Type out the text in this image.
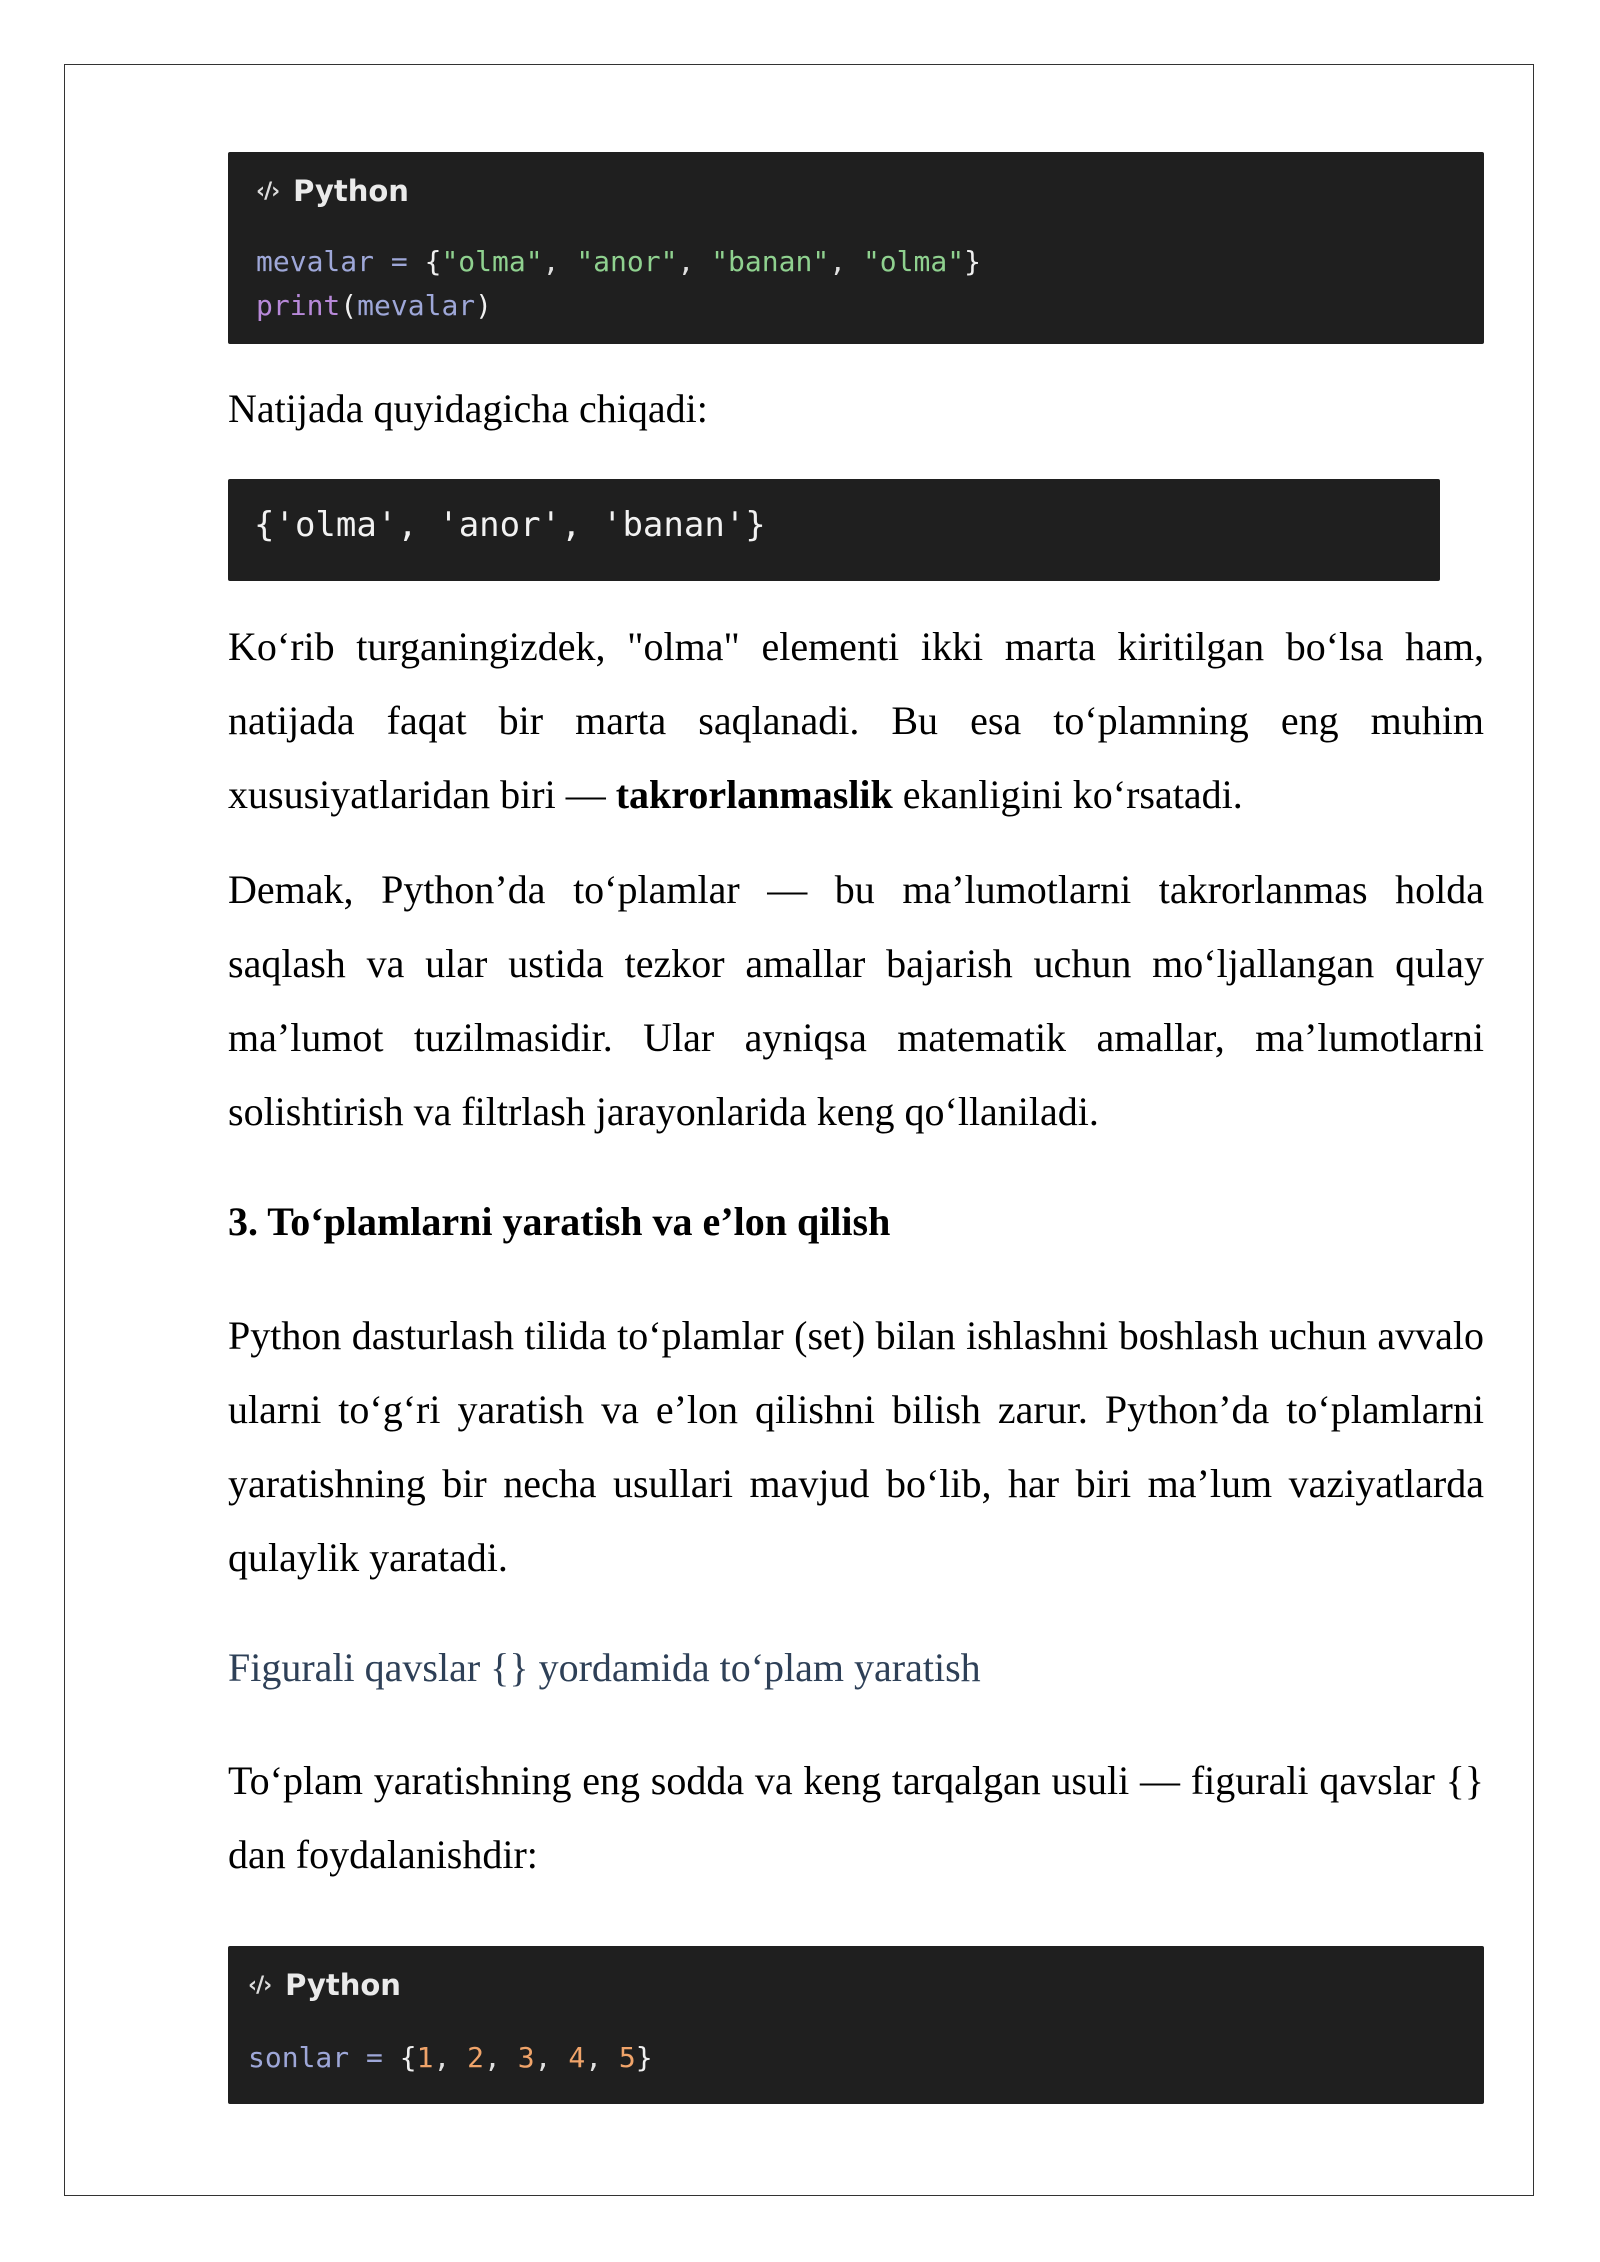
‹/› Python
mevalar = {"olma", "anor", "banan", "olma"}
print(mevalar)

Natijada quyidagicha chiqadi:

{'olma', 'anor', 'banan'}

Ko‘rib turganingizdek, "olma" elementi ikki marta kiritilgan bo‘lsa ham, natijada faqat bir marta saqlanadi. Bu esa to‘plamning eng muhim xususiyatlaridan biri — takrorlanmaslik ekanligini ko‘rsatadi.

Demak, Python’da to‘plamlar — bu ma’lumotlarni takrorlanmas holda saqlash va ular ustida tezkor amallar bajarish uchun mo‘ljallangan qulay ma’lumot tuzilmasidir. Ular ayniqsa matematik amallar, ma’lumotlarni solishtirish va filtrlash jarayonlarida keng qo‘llaniladi.

3. To‘plamlarni yaratish va e’lon qilish

Python dasturlash tilida to‘plamlar (set) bilan ishlashni boshlash uchun avvalo ularni to‘g‘ri yaratish va e’lon qilishni bilish zarur. Python’da to‘plamlarni yaratishning bir necha usullari mavjud bo‘lib, har biri ma’lum vaziyatlarda qulaylik yaratadi.

Figurali qavslar {} yordamida to‘plam yaratish

To‘plam yaratishning eng sodda va keng tarqalgan usuli — figurali qavslar {} dan foydalanishdir:

‹/› Python
sonlar = {1, 2, 3, 4, 5}
